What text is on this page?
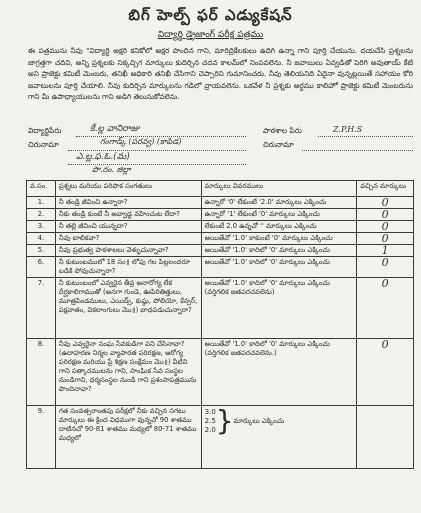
బిగ్ హెల్ప్ ఫర్ ఎడ్యుకేషన్
విద్యార్థి డ్రైజాంగ్ పరీక్ష పత్రము
ఈ పత్రమును నీవు "విద్యార్థి అక్షరి కనికోలో అక్షర పొందిన గాని, మారిద్రికేలకులు ఉదిగి ఉన్నా గాని పూర్తి చేయును. దయచేసి ప్రశ్నలను జాగ్రత్తగా చదివి, అన్ని ప్రశ్నలకు నిక్కచ్చిగ మార్కులు కుదిర్చిన చదవ కాలమ్‌లో నింపవలెను. నీ జవాబులు ఏవ్వడితో పెరిగి అవుతాయ్ కేటి అని ప్రాజెక్టు కమిటీ మెంబరు, తనిఖీ అధికారి తనిఖీ చేసిగాని చెప్పారిని గుమానించరు. నీవు తెలియనిది ఏదైనా వున్నట్లయితే సహాయం కోరి జవాబులను పూర్తి చేయాలి. నీవు కుదిర్చిన మార్కులను గడిలో వ్రాయవలెను. ఒకవేళ నీ ప్రశ్నకు అర్థము కాలిహో ప్రాజెక్టు కమిటీ మెంబరును గాని మీ ఉపాధ్యాయులను గాని అడిగి తెలుసుకోవలెను.
విద్యార్థిపేరు	కే.ల్ల వానిరాజు
చిరునామా	గంగాడ్క్ (పరవ్వ) (కాపిడ)
ఎ.ల్ల.ఫ.ఓ.(మ)
పొ.రం. జిల్లా
పాఠశాల పేరు	Z.P.H.S
చిరునామా
వ.సం.	ప్రశ్నలు మరియు పరిపొక సంగతులు	మార్కులు వివరములు	వచ్చిన మార్కులు
1.	నీ తండ్రి జీవించి ఉన్నారా?	ఉన్నారో '0' లేకుంటే '2.0' మార్కులు ఎక్కించు	0
2.	నీకు తండ్రి కుంటే నీ అవ్వాడ్జ వహించుట లేదా?	ఉన్నారో '1' లేకుంటే '0' మార్కులు ఎక్కించు	0
3.	నీ తల్లి జీవించి యున్నదా?	లేకుంటే 2.0 ఉన్నచో '' మార్కులు ఎక్కించు	0
4.	నీవు బాలికవా?	అయితేవో '1.0' కాకుంటే '0' మార్కులు ఎక్కించు	0
5.	నీవు ప్రభుత్వ పాఠశాలలు వెళ్ళుచున్నావా?	అయితేవో '1.0' కాదిలో '0' మార్కులు ఎక్కించు	1
6.	నీ కుటుంబములో 18 సం॥ లోపు గల పిల్లలందరూ బడికి పోవుచున్నారా?	అయితేవో '1.0' కాదిలో '0' మార్కులు ఎక్కించు	0
7.	నీ కుటుంబంలో ఎవ్వరైన తీవ్ర అనారోగ్య లేక దీర్ఘకాలిగాముతో (అనగా గుండె, ఊపిరితిత్తులు, మూత్రపిండములు, ఎయిడ్స్, కుష్ఠు, పోలియో, కేన్సర్, పక్షవాతం, వికలాంగులు మొ॥) బాధపడుచున్నారా?	అయితేవో '1.0' కాదిలో '0' మార్కులు ఎక్కించు (వర్తిగలిక జతపరచవలెను)	0
8.	నీవు ఎవ్వరైనా సంఘ సేవకుడిగా పని చేసినావా? (ఉదాహరణ నిర్మల వ్యాపారత పరిరక్షణ, ఆరోగ్య పరిరక్షణ మరియు ప్రే శిక్షణ సంక్షేమం మొ॥) వీటిని గాని సత్కారములను గాని, సాంఘిక సేవ సంస్థల నుండిగాని, ధర్మసంస్థల నుండి గాని ప్రశంసాపత్రమును పొందినావా?	అయితేవో '1.0' కాదిలో '0' మార్కులు ఎక్కించు (వర్తిగలిక జతపరచవలెను.)	0
9.	గత సంవత్సరాంతపు పరీక్షలో నీకు వచ్చిన సగటు మార్కులు ఈ క్రింద విధముగా వున్నచో 90 శాతము దాటినచో 90-81 శాతము మధ్యలో 80-71 శాతము మధ్యలో	3.0
2.5
2.0 } మార్కులు ఎక్కించు	
